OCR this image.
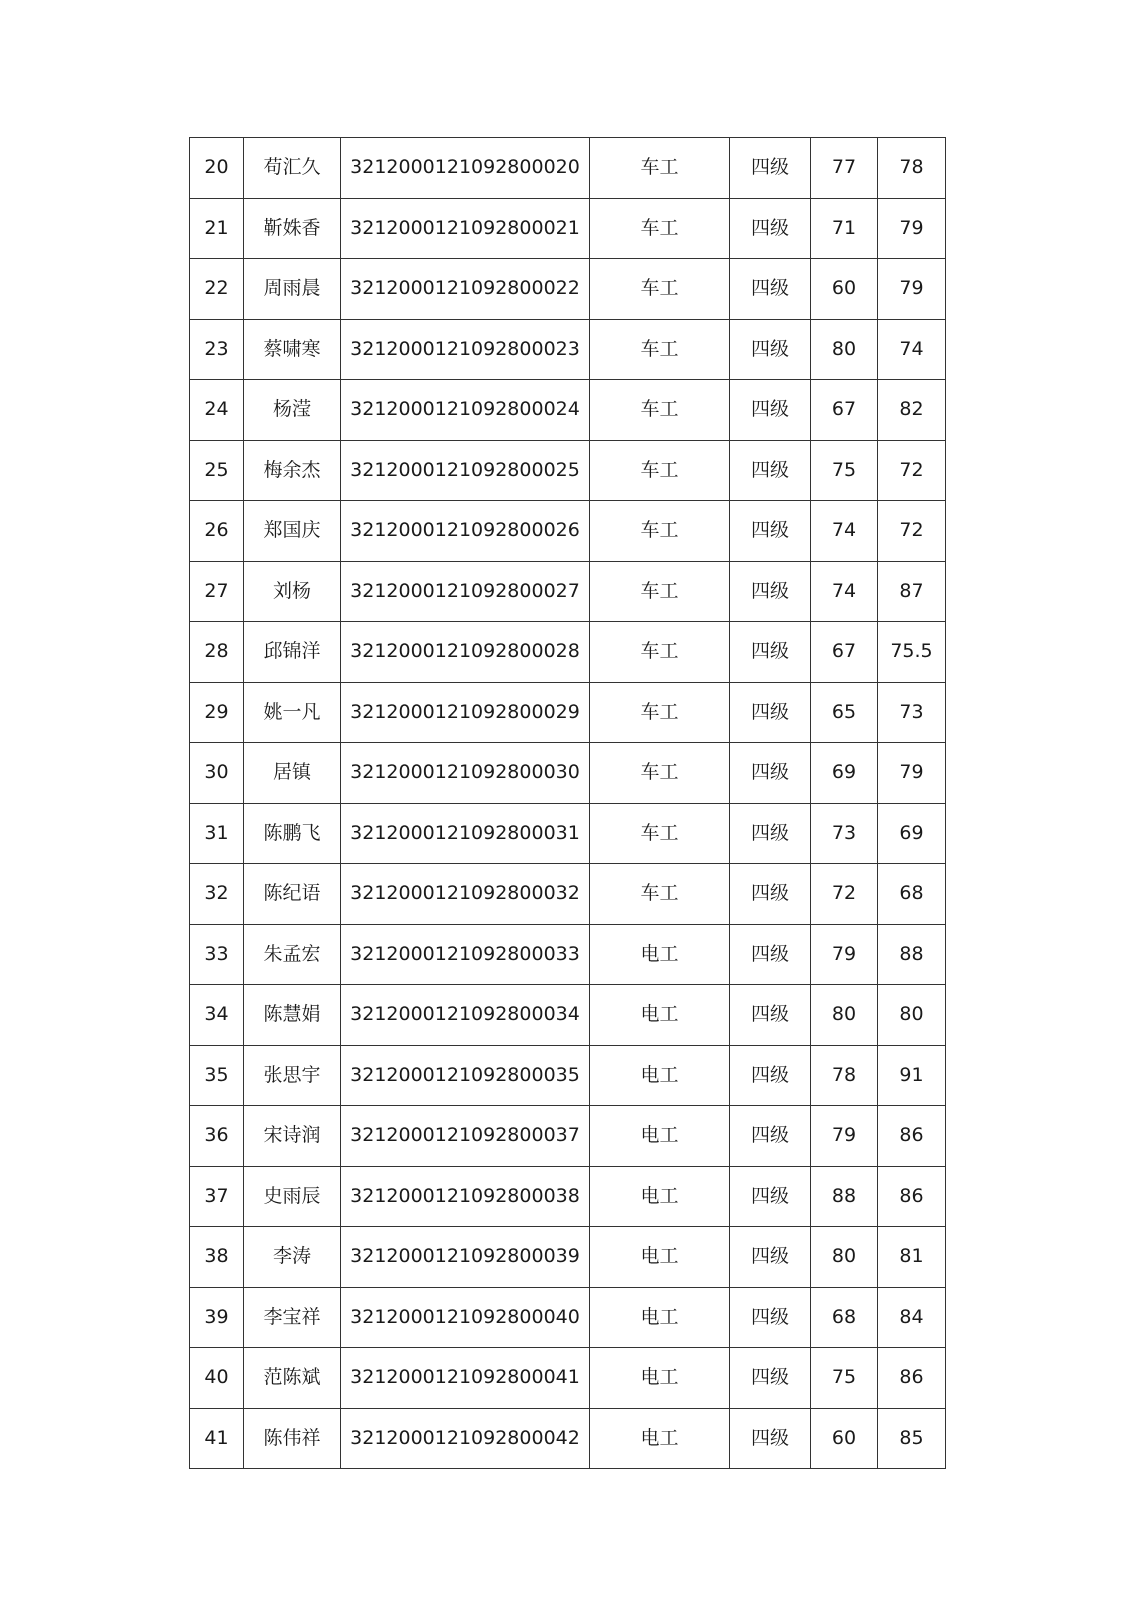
20	苟汇久	3212000121092800020	车工	四级	77	78
21	靳姝香	3212000121092800021	车工	四级	71	79
22	周雨晨	3212000121092800022	车工	四级	60	79
23	蔡啸寒	3212000121092800023	车工	四级	80	74
24	杨滢	3212000121092800024	车工	四级	67	82
25	梅余杰	3212000121092800025	车工	四级	75	72
26	郑国庆	3212000121092800026	车工	四级	74	72
27	刘杨	3212000121092800027	车工	四级	74	87
28	邱锦洋	3212000121092800028	车工	四级	67	75.5
29	姚一凡	3212000121092800029	车工	四级	65	73
30	居镇	3212000121092800030	车工	四级	69	79
31	陈鹏飞	3212000121092800031	车工	四级	73	69
32	陈纪语	3212000121092800032	车工	四级	72	68
33	朱孟宏	3212000121092800033	电工	四级	79	88
34	陈慧娟	3212000121092800034	电工	四级	80	80
35	张思宇	3212000121092800035	电工	四级	78	91
36	宋诗润	3212000121092800037	电工	四级	79	86
37	史雨辰	3212000121092800038	电工	四级	88	86
38	李涛	3212000121092800039	电工	四级	80	81
39	李宝祥	3212000121092800040	电工	四级	68	84
40	范陈斌	3212000121092800041	电工	四级	75	86
41	陈伟祥	3212000121092800042	电工	四级	60	85
